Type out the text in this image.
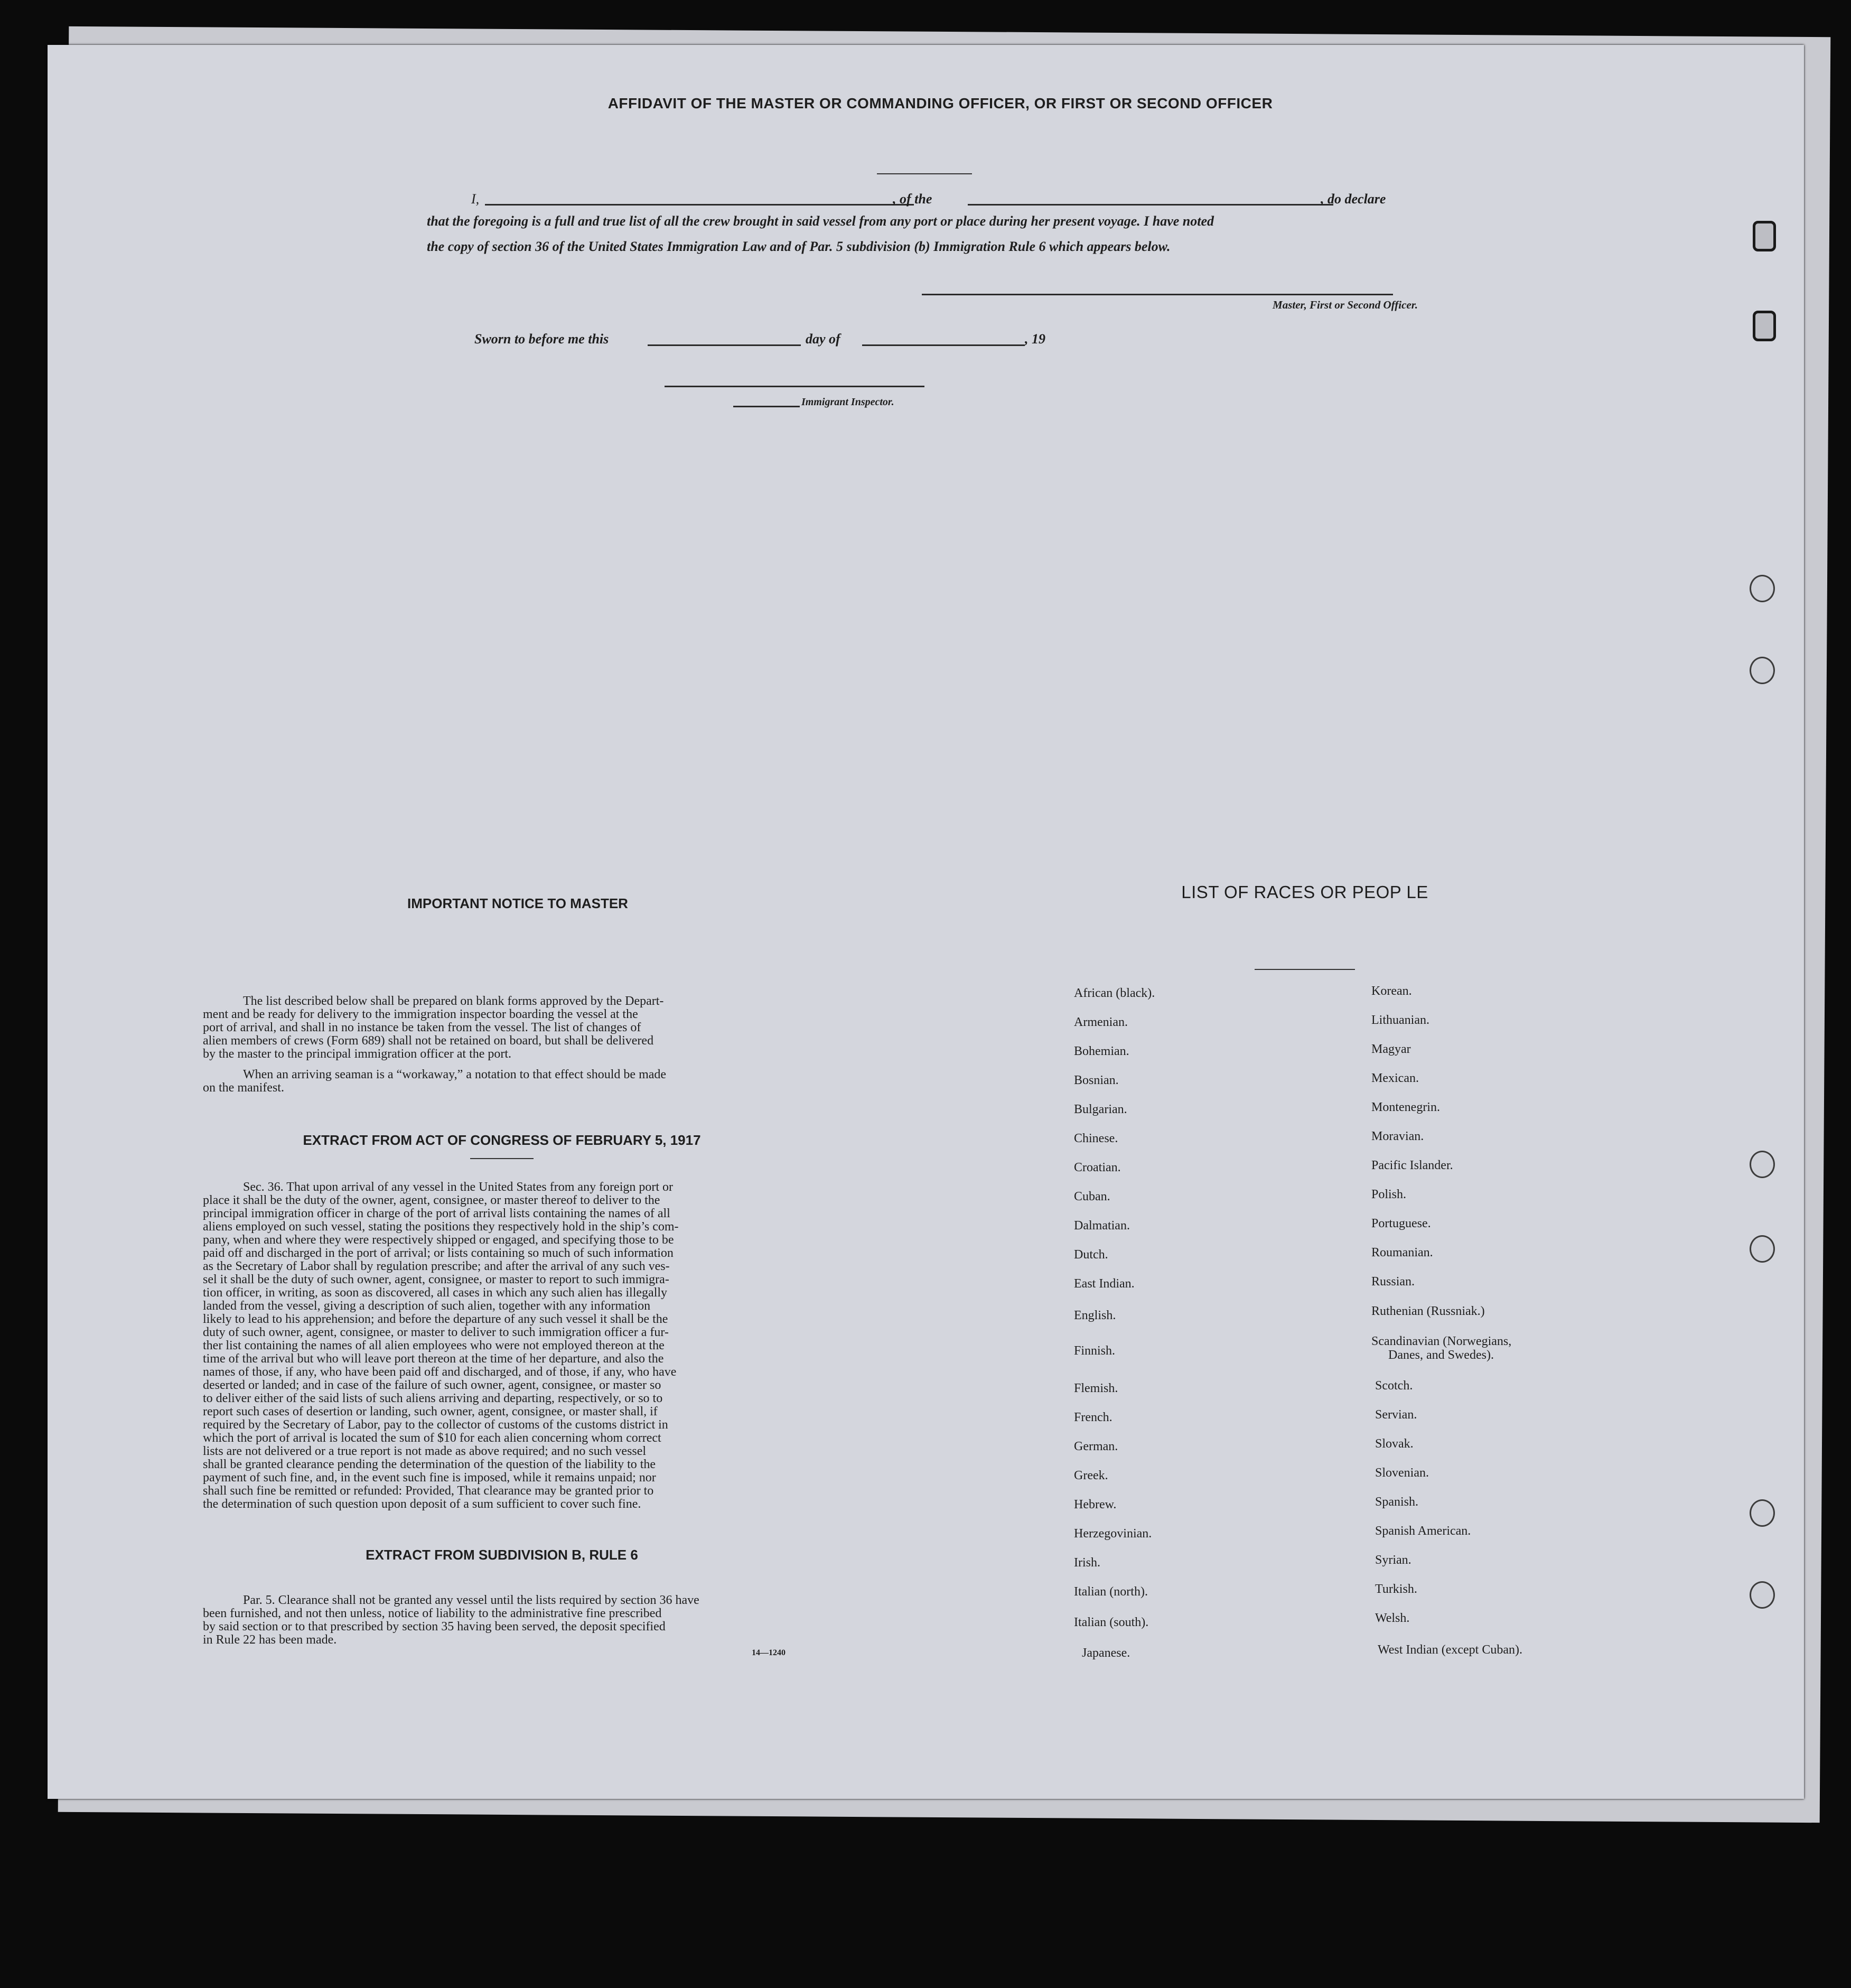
AFFIDAVIT OF THE MASTER OR COMMANDING OFFICER, OR FIRST OR SECOND OFFICER
I,	, of the	, do declare
that the foregoing is a full and true list of all the crew brought in said vessel from any port or place during her present voyage. I have noted
the copy of section 36 of the United States Immigration Law and of Par. 5 subdivision (b) Immigration Rule 6 which appears below.
Master, First or Second Officer.
Sworn to before me this	day of	, 19
Immigrant Inspector.
IMPORTANT NOTICE TO MASTER

The list described below shall be prepared on blank forms approved by the Depart-

ment and be ready for delivery to the immigration inspector boarding the vessel at the

port of arrival, and shall in no instance be taken from the vessel. The list of changes of

alien members of crews (Form 689) shall not be retained on board, but shall be delivered

by the master to the principal immigration officer at the port.

When an arriving seaman is a “workaway,” a notation to that effect should be made

on the manifest.

EXTRACT FROM ACT OF CONGRESS OF FEBRUARY 5, 1917

Sec. 36. That upon arrival of any vessel in the United States from any foreign port or

place it shall be the duty of the owner, agent, consignee, or master thereof to deliver to the

principal immigration officer in charge of the port of arrival lists containing the names of all

aliens employed on such vessel, stating the positions they respectively hold in the ship’s com-

pany, when and where they were respectively shipped or engaged, and specifying those to be

paid off and discharged in the port of arrival; or lists containing so much of such information

as the Secretary of Labor shall by regulation prescribe; and after the arrival of any such ves-

sel it shall be the duty of such owner, agent, consignee, or master to report to such immigra-

tion officer, in writing, as soon as discovered, all cases in which any such alien has illegally

landed from the vessel, giving a description of such alien, together with any information

likely to lead to his apprehension; and before the departure of any such vessel it shall be the

duty of such owner, agent, consignee, or master to deliver to such immigration officer a fur-

ther list containing the names of all alien employees who were not employed thereon at the

time of the arrival but who will leave port thereon at the time of her departure, and also the

names of those, if any, who have been paid off and discharged, and of those, if any, who have

deserted or landed; and in case of the failure of such owner, agent, consignee, or master so

to deliver either of the said lists of such aliens arriving and departing, respectively, or so to

report such cases of desertion or landing, such owner, agent, consignee, or master shall, if

required by the Secretary of Labor, pay to the collector of customs of the customs district in

which the port of arrival is located the sum of $10 for each alien concerning whom correct

lists are not delivered or a true report is not made as above required; and no such vessel

shall be granted clearance pending the determination of the question of the liability to the

payment of such fine, and, in the event such fine is imposed, while it remains unpaid; nor

shall such fine be remitted or refunded: Provided, That clearance may be granted prior to

the determination of such question upon deposit of a sum sufficient to cover such fine.

EXTRACT FROM SUBDIVISION B, RULE 6

Par. 5. Clearance shall not be granted any vessel until the lists required by section 36 have

been furnished, and not then unless, notice of liability to the administrative fine prescribed

by said section or to that prescribed by section 35 having been served, the deposit specified

in Rule 22 has been made.

14—1240
LIST OF RACES OR PEOP LE
African (black).
Armenian.
Bohemian.
Bosnian.
Bulgarian.
Chinese.
Croatian.
Cuban.
Dalmatian.
Dutch.
East Indian.
English.
Finnish.
Flemish.
French.
German.
Greek.
Hebrew.
Herzegovinian.
Irish.
Italian (north).
Italian (south).
Japanese.
Korean.
Lithuanian.
Magyar
Mexican.
Montenegrin.
Moravian.
Pacific Islander.
Polish.
Portuguese.
Roumanian.
Russian.
Ruthenian (Russniak.)
Scandinavian (Norwegians,
Danes, and Swedes).
Scotch.
Servian.
Slovak.
Slovenian.
Spanish.
Spanish American.
Syrian.
Turkish.
Welsh.
West Indian (except Cuban).
